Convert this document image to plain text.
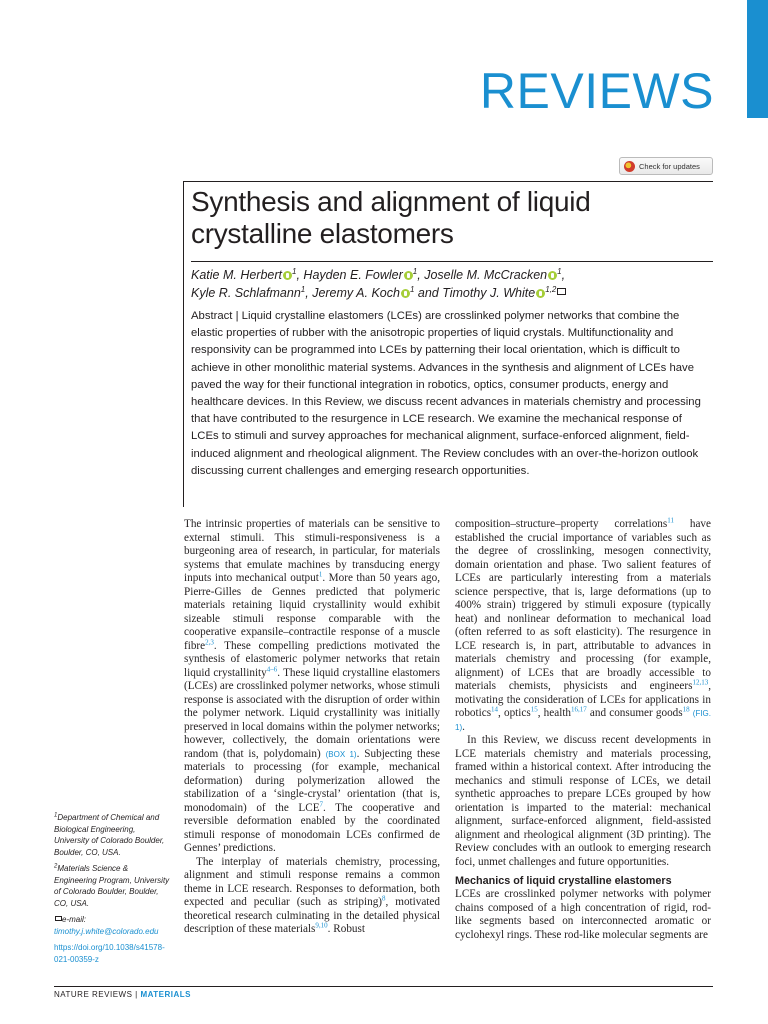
REVIEWS
Check for updates
Synthesis and alignment of liquid crystalline elastomers
Katie M. Herbert $^1$, Hayden E. Fowler $^1$, Joselle M. McCracken $^1$,
Kyle R. Schlafmann$^1$, Jeremy A. Koch $^1$ and Timothy J. White $^{1,2}$
Abstract | Liquid crystalline elastomers (LCEs) are crosslinked polymer networks that combine the elastic properties of rubber with the anisotropic properties of liquid crystals. Multifunctionality and responsivity can be programmed into LCEs by patterning their local orientation, which is difficult to achieve in other monolithic material systems. Advances in the synthesis and alignment of LCEs have paved the way for their functional integration in robotics, optics, consumer products, energy and healthcare devices. In this Review, we discuss recent advances in materials chemistry and processing that have contributed to the resurgence in LCE research. We examine the mechanical response of LCEs to stimuli and survey approaches for mechanical alignment, surface-enforced alignment, field-induced alignment and rheological alignment. The Review concludes with an over-the-horizon outlook discussing current challenges and emerging research opportunities.

The intrinsic properties of materials can be sensitive to external stimuli. This stimuli-responsiveness is a burgeoning area of research, in particular, for materials systems that emulate machines by transducing energy inputs into mechanical output$^1$. More than 50 years ago, Pierre-Gilles de Gennes predicted that polymeric materials retaining liquid crystallinity would exhibit sizeable stimuli response comparable with the cooperative expansile–contractile response of a muscle fibre$^{2,3}$. These compelling predictions motivated the synthesis of elastomeric polymer networks that retain liquid crystallinity$^{4-6}$. These liquid crystalline elastomers (LCEs) are crosslinked polymer networks, whose stimuli response is associated with the disruption of order within the polymer network. Liquid crystallinity was initially preserved in local domains within the polymer networks; however, collectively, the domain orientations were random (that is, polydomain) (BOX 1). Subjecting these materials to processing (for example, mechanical deformation) during polymerization allowed the stabilization of a ‘single-crystal’ orientation (that is, monodomain) of the LCE$^7$. The cooperative and reversible deformation enabled by the coordinated stimuli response of monodomain LCEs confirmed de Gennes’ predictions.

The interplay of materials chemistry, processing, alignment and stimuli response remains a common theme in LCE research. Responses to deformation, both expected and peculiar (such as striping)$^8$, motivated theoretical research culminating in the detailed physical description of these materials$^{9,10}$. Robust

composition–structure–property correlations$^{11}$ have established the crucial importance of variables such as the degree of crosslinking, mesogen connectivity, domain orientation and phase. Two salient features of LCEs are particularly interesting from a materials science perspective, that is, large deformations (up to 400% strain) triggered by stimuli exposure (typically heat) and nonlinear deformation to mechanical load (often referred to as soft elasticity). The resurgence in LCE research is, in part, attributable to advances in materials chemistry and processing (for example, alignment) of LCEs that are broadly accessible to materials chemists, physicists and engineers$^{12,13}$, motivating the consideration of LCEs for applications in robotics$^{14}$, optics$^{15}$, health$^{16,17}$ and consumer goods$^{18}$ (FIG. 1).

In this Review, we discuss recent developments in LCE materials chemistry and materials processing, framed within a historical context. After introducing the mechanics and stimuli response of LCEs, we detail synthetic approaches to prepare LCEs grouped by how orientation is imparted to the material: mechanical alignment, surface-enforced alignment, field-assisted alignment and rheological alignment (3D printing). The Review concludes with an outlook to emerging research foci, unmet challenges and future opportunities.

Mechanics of liquid crystalline elastomers

LCEs are crosslinked polymer networks with polymer chains composed of a high concentration of rigid, rod-like segments based on interconnected aromatic or cyclohexyl rings. These rod-like molecular segments are

$^1$Department of Chemical and Biological Engineering, University of Colorado Boulder, Boulder, CO, USA.
$^2$Materials Science & Engineering Program, University of Colorado Boulder, Boulder, CO, USA.
e-mail: timothy.j.white@colorado.edu
https://doi.org/10.1038/s41578-021-00359-z
NATURE REVIEWS | MATERIALS
